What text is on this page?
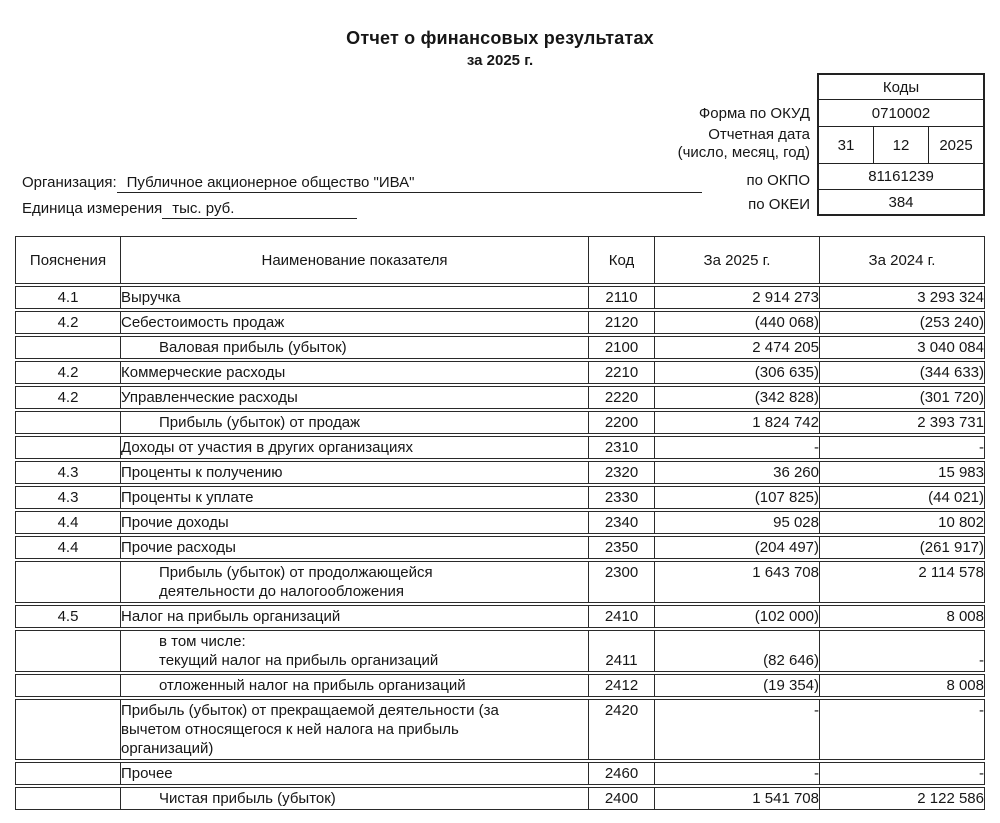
Отчет о финансовых результатах
за 2025 г.
Коды
0710002
31	12	2025
81161239
384
Форма по ОКУД
Отчетная дата
(число, месяц, год)
по ОКПО
по ОКЕИ
Организация: Публичное акционерное общество "ИВА"
Единица измерения тыс. руб.
Пояснения	Наименование показателя	Код	За 2025 г.	За 2024 г.
4.1	Выручка	2110	2 914 273	3 293 324
4.2	Себестоимость продаж	2120	(440 068)	(253 240)

	Валовая прибыль (убыток)	2100	2 474 205	3 040 084
4.2	Коммерческие расходы	2210	(306 635)	(344 633)
4.2	Управленческие расходы	2220	(342 828)	(301 720)

	Прибыль (убыток) от продаж	2200	1 824 742	2 393 731

	Доходы от участия в других организациях	2310	-	-
4.3	Проценты к получению	2320	36 260	15 983
4.3	Проценты к уплате	2330	(107 825)	(44 021)
4.4	Прочие доходы	2340	95 028	10 802
4.4	Прочие расходы	2350	(204 497)	(261 917)

	Прибыль (убыток) от продолжающейся
деятельности до налогообложения	2300	1 643 708	2 114 578
4.5	Налог на прибыль организаций	2410	(102 000)	8 008

	в том числе:
текущий налог на прибыль организаций	2411	(82 646)	-

	отложенный налог на прибыль организаций	2412	(19 354)	8 008

	Прибыль (убыток) от прекращаемой деятельности (за
вычетом относящегося к ней налога на прибыль
организаций)	2420	-	-

	Прочее	2460	-	-

	Чистая прибыль (убыток)	2400	1 541 708	2 122 586
